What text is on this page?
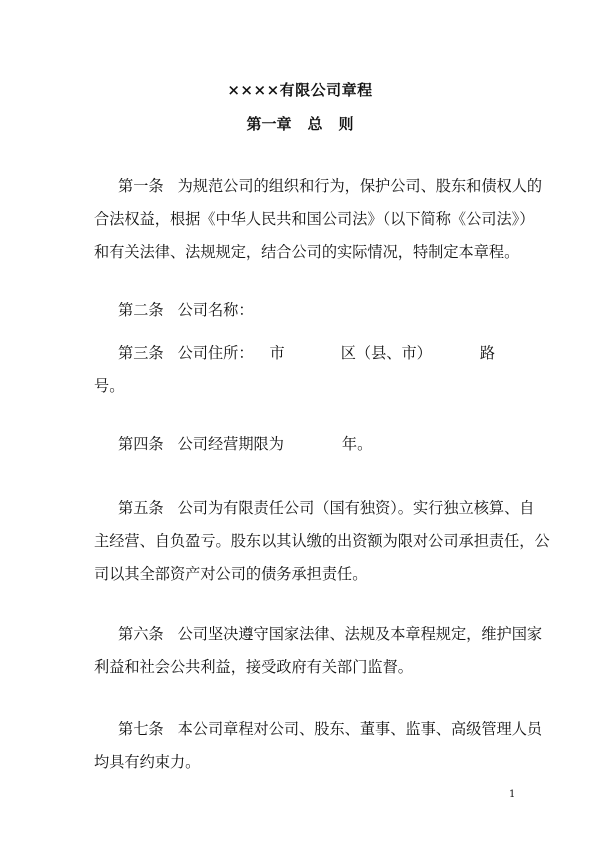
××××有限公司章程
第一章 总 则
第一条 为规范公司的组织和行为，保护公司、股东和债权人的
合法权益，根据《中华人民共和国公司法》（以下简称《公司法》）
和有关法律、法规规定，结合公司的实际情况，特制定本章程。
第二条 公司名称：
第三条 公司住所： 市	区（县、市）	路
号。
第四条 公司经营期限为	年。
第五条 公司为有限责任公司（国有独资）。实行独立核算、自
主经营、自负盈亏。股东以其认缴的出资额为限对公司承担责任，公
司以其全部资产对公司的债务承担责任。
第六条 公司坚决遵守国家法律、法规及本章程规定，维护国家
利益和社会公共利益，接受政府有关部门监督。
第七条 本公司章程对公司、股东、董事、监事、高级管理人员
均具有约束力。
1
